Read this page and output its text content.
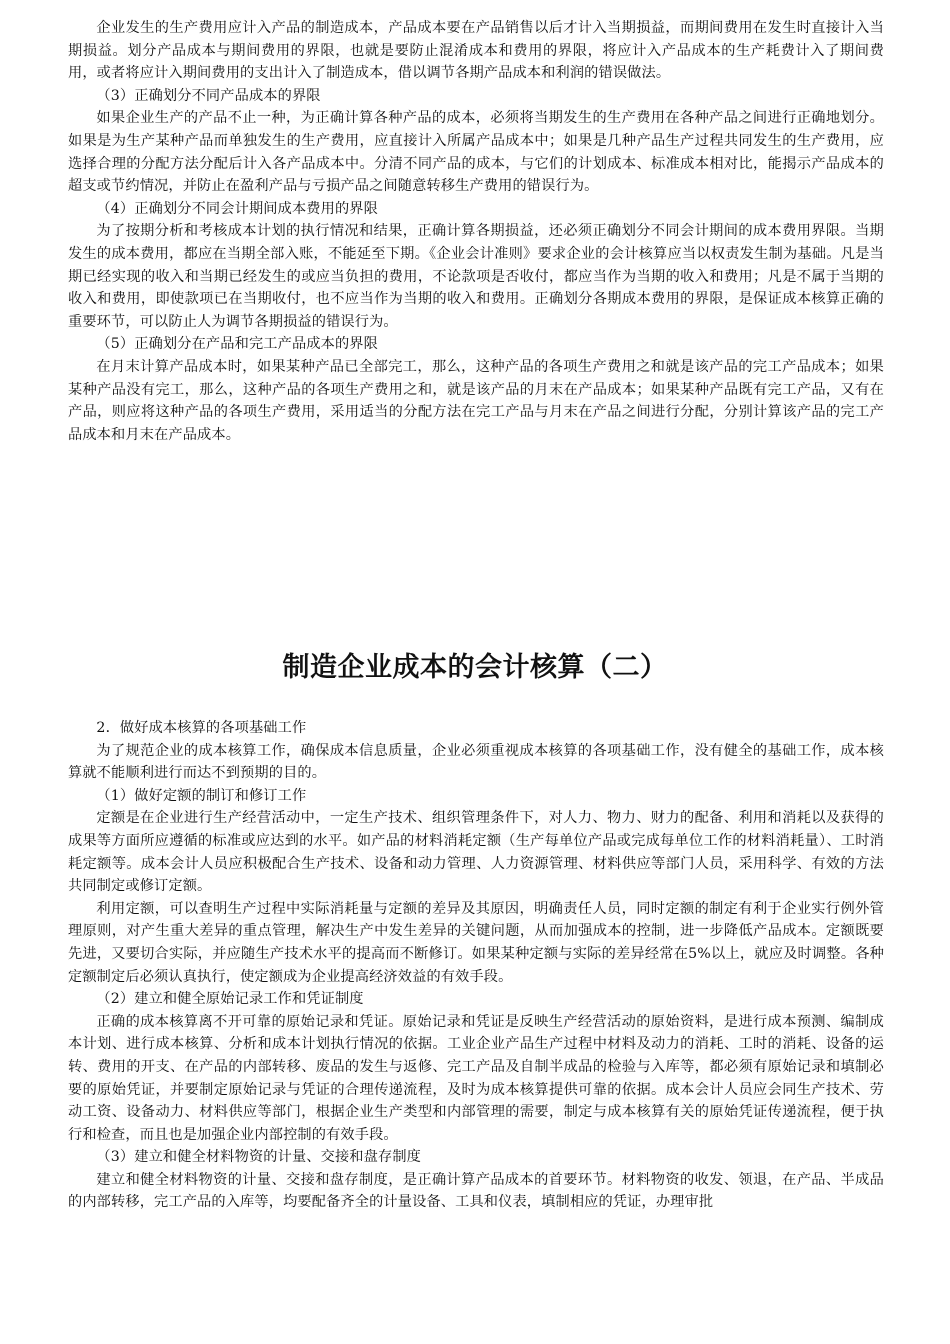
企业发生的生产费用应计入产品的制造成本，产品成本要在产品销售以后才计入当期损益，而期间费用在发生时直接计入当期损益。划分产品成本与期间费用的界限，也就是要防止混淆成本和费用的界限，将应计入产品成本的生产耗费计入了期间费用，或者将应计入期间费用的支出计入了制造成本，借以调节各期产品成本和利润的错误做法。

（3）正确划分不同产品成本的界限

如果企业生产的产品不止一种，为正确计算各种产品的成本，必须将当期发生的生产费用在各种产品之间进行正确地划分。如果是为生产某种产品而单独发生的生产费用，应直接计入所属产品成本中；如果是几种产品生产过程共同发生的生产费用，应选择合理的分配方法分配后计入各产品成本中。分清不同产品的成本，与它们的计划成本、标准成本相对比，能揭示产品成本的超支或节约情况，并防止在盈利产品与亏损产品之间随意转移生产费用的错误行为。

（4）正确划分不同会计期间成本费用的界限

为了按期分析和考核成本计划的执行情况和结果，正确计算各期损益，还必须正确划分不同会计期间的成本费用界限。当期发生的成本费用，都应在当期全部入账，不能延至下期。《企业会计准则》要求企业的会计核算应当以权责发生制为基础。凡是当期已经实现的收入和当期已经发生的或应当负担的费用，不论款项是否收付，都应当作为当期的收入和费用；凡是不属于当期的收入和费用，即使款项已在当期收付，也不应当作为当期的收入和费用。正确划分各期成本费用的界限，是保证成本核算正确的重要环节，可以防止人为调节各期损益的错误行为。

（5）正确划分在产品和完工产品成本的界限

在月末计算产品成本时，如果某种产品已全部完工，那么，这种产品的各项生产费用之和就是该产品的完工产品成本；如果某种产品没有完工，那么，这种产品的各项生产费用之和，就是该产品的月末在产品成本；如果某种产品既有完工产品，又有在产品，则应将这种产品的各项生产费用，采用适当的分配方法在完工产品与月末在产品之间进行分配，分别计算该产品的完工产品成本和月末在产品成本。

制造企业成本的会计核算（二）

2．做好成本核算的各项基础工作

为了规范企业的成本核算工作，确保成本信息质量，企业必须重视成本核算的各项基础工作，没有健全的基础工作，成本核算就不能顺利进行而达不到预期的目的。

（1）做好定额的制订和修订工作

定额是在企业进行生产经营活动中，一定生产技术、组织管理条件下，对人力、物力、财力的配备、利用和消耗以及获得的成果等方面所应遵循的标准或应达到的水平。如产品的材料消耗定额（生产每单位产品或完成每单位工作的材料消耗量）、工时消耗定额等。成本会计人员应积极配合生产技术、设备和动力管理、人力资源管理、材料供应等部门人员，采用科学、有效的方法共同制定或修订定额。

利用定额，可以查明生产过程中实际消耗量与定额的差异及其原因，明确责任人员，同时定额的制定有利于企业实行例外管理原则，对产生重大差异的重点管理，解决生产中发生差异的关键问题，从而加强成本的控制，进一步降低产品成本。定额既要先进，又要切合实际，并应随生产技术水平的提高而不断修订。如果某种定额与实际的差异经常在5%以上，就应及时调整。各种定额制定后必须认真执行，使定额成为企业提高经济效益的有效手段。

（2）建立和健全原始记录工作和凭证制度

正确的成本核算离不开可靠的原始记录和凭证。原始记录和凭证是反映生产经营活动的原始资料，是进行成本预测、编制成本计划、进行成本核算、分析和成本计划执行情况的依据。工业企业产品生产过程中材料及动力的消耗、工时的消耗、设备的运转、费用的开支、在产品的内部转移、废品的发生与返修、完工产品及自制半成品的检验与入库等，都必须有原始记录和填制必要的原始凭证，并要制定原始记录与凭证的合理传递流程，及时为成本核算提供可靠的依据。成本会计人员应会同生产技术、劳动工资、设备动力、材料供应等部门，根据企业生产类型和内部管理的需要，制定与成本核算有关的原始凭证传递流程，便于执行和检查，而且也是加强企业内部控制的有效手段。

（3）建立和健全材料物资的计量、交接和盘存制度

建立和健全材料物资的计量、交接和盘存制度，是正确计算产品成本的首要环节。材料物资的收发、领退，在产品、半成品的内部转移，完工产品的入库等，均要配备齐全的计量设备、工具和仪表，填制相应的凭证，办理审批
